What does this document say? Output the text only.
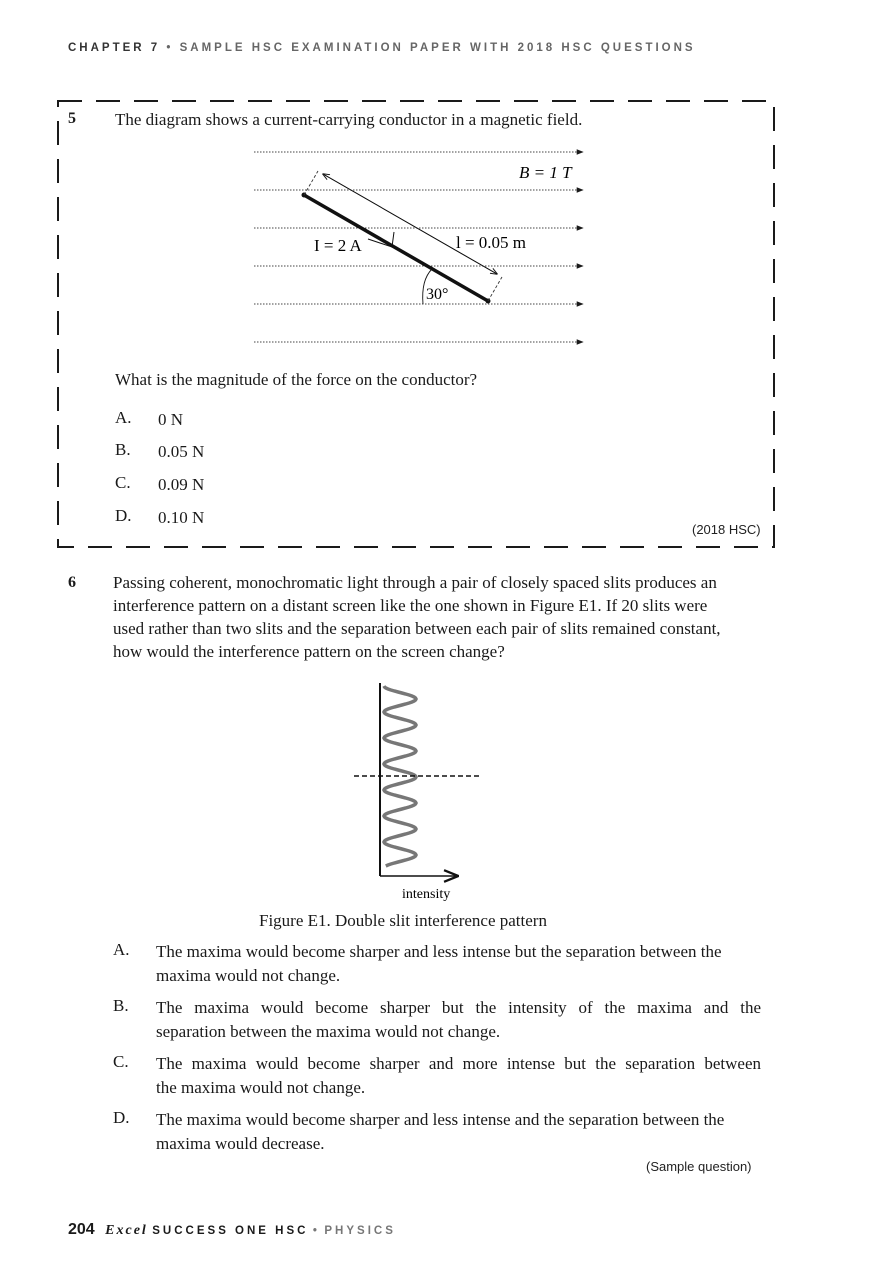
CHAPTER 7 • SAMPLE HSC EXAMINATION PAPER WITH 2018 HSC QUESTIONS
5 The diagram shows a current-carrying conductor in a magnetic field.
B = 1 T
I = 2 A	l = 0.05 m
30°
What is the magnitude of the force on the conductor?
A. 0 N
B. 0.05 N
C. 0.09 N
D. 0.10 N
(2018 HSC)
6 Passing coherent, monochromatic light through a pair of closely spaced slits produces an
interference pattern on a distant screen like the one shown in Figure E1. If 20 slits were
used rather than two slits and the separation between each pair of slits remained constant,
how would the interference pattern on the screen change?
intensity
Figure E1. Double slit interference pattern
A. The maxima would become sharper and less intense but the separation between the
maxima would not change.
B. The maxima would become sharper but the intensity of the maxima and the
separation between the maxima would not change.
C. The maxima would become sharper and more intense but the separation between
the maxima would not change.
D. The maxima would become sharper and less intense and the separation between the
maxima would decrease.
(Sample question)
204 Excel SUCCESS ONE HSC • PHYSICS
